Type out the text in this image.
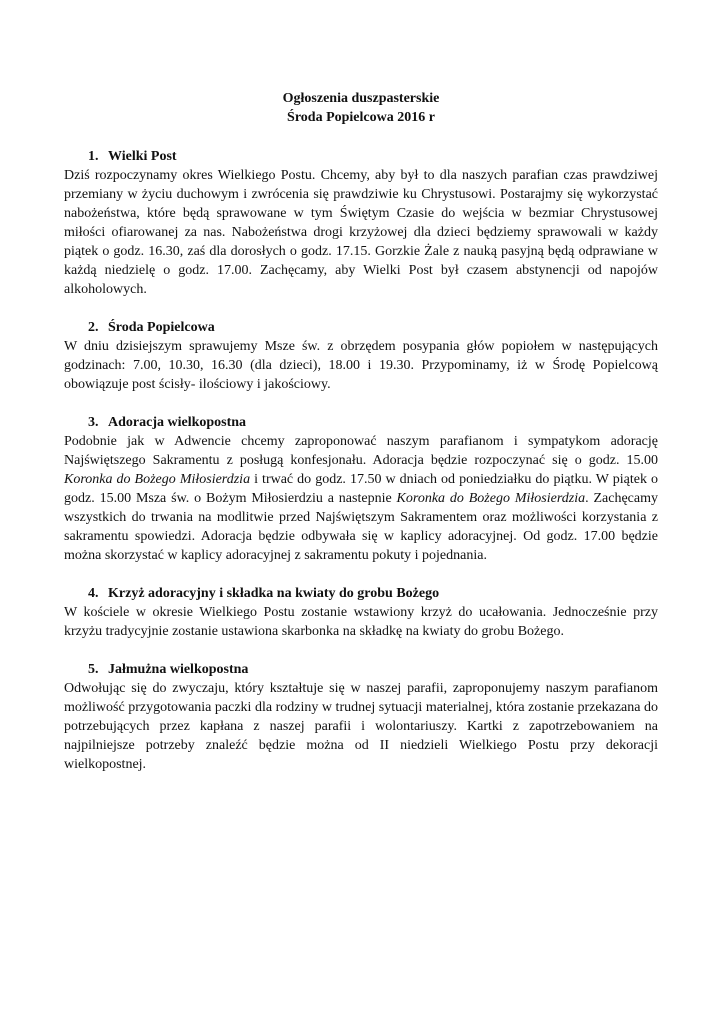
Ogłoszenia duszpasterskie

Środa Popielcowa 2016 r

1. Wielki Post

Dziś rozpoczynamy okres Wielkiego Postu. Chcemy, aby był to dla naszych parafian czas prawdziwej przemiany w życiu duchowym i zwrócenia się prawdziwie ku Chrystusowi. Postarajmy się wykorzystać nabożeństwa, które będą sprawowane w tym Świętym Czasie do wejścia w bezmiar Chrystusowej miłości ofiarowanej za nas. Nabożeństwa drogi krzyżowej dla dzieci będziemy sprawowali w każdy piątek o godz. 16.30, zaś dla dorosłych o godz. 17.15. Gorzkie Żale z nauką pasyjną będą odprawiane w każdą niedzielę o godz. 17.00. Zachęcamy, aby Wielki Post był czasem abstynencji od napojów alkoholowych.

2. Środa Popielcowa

W dniu dzisiejszym sprawujemy Msze św. z obrzędem posypania głów popiołem w następujących godzinach: 7.00, 10.30, 16.30 (dla dzieci), 18.00 i 19.30. Przypominamy, iż w Środę Popielcową obowiązuje post ścisły- ilościowy i jakościowy.

3. Adoracja wielkopostna

Podobnie jak w Adwencie chcemy zaproponować naszym parafianom i sympatykom adorację Najświętszego Sakramentu z posługą konfesjonału. Adoracja będzie rozpoczynać się o godz. 15.00 Koronka do Bożego Miłosierdzia i trwać do godz. 17.50 w dniach od poniedziałku do piątku. W piątek o godz. 15.00 Msza św. o Bożym Miłosierdziu a nastepnie Koronka do Bożego Miłosierdzia. Zachęcamy wszystkich do trwania na modlitwie przed Najświętszym Sakramentem oraz możliwości korzystania z sakramentu spowiedzi. Adoracja będzie odbywała się w kaplicy adoracyjnej. Od godz. 17.00 będzie można skorzystać w kaplicy adoracyjnej z sakramentu pokuty i pojednania.

4. Krzyż adoracyjny i składka na kwiaty do grobu Bożego

W kościele w okresie Wielkiego Postu zostanie wstawiony krzyż do ucałowania. Jednocześnie przy krzyżu tradycyjnie zostanie ustawiona skarbonka na składkę na kwiaty do grobu Bożego.

5. Jałmużna wielkopostna

Odwołując się do zwyczaju, który kształtuje się w naszej parafii, zaproponujemy naszym parafianom możliwość przygotowania paczki dla rodziny w trudnej sytuacji materialnej, która zostanie przekazana do potrzebujących przez kapłana z naszej parafii i wolontariuszy. Kartki z zapotrzebowaniem na najpilniejsze potrzeby znaleźć będzie można od II niedzieli Wielkiego Postu przy dekoracji wielkopostnej.
